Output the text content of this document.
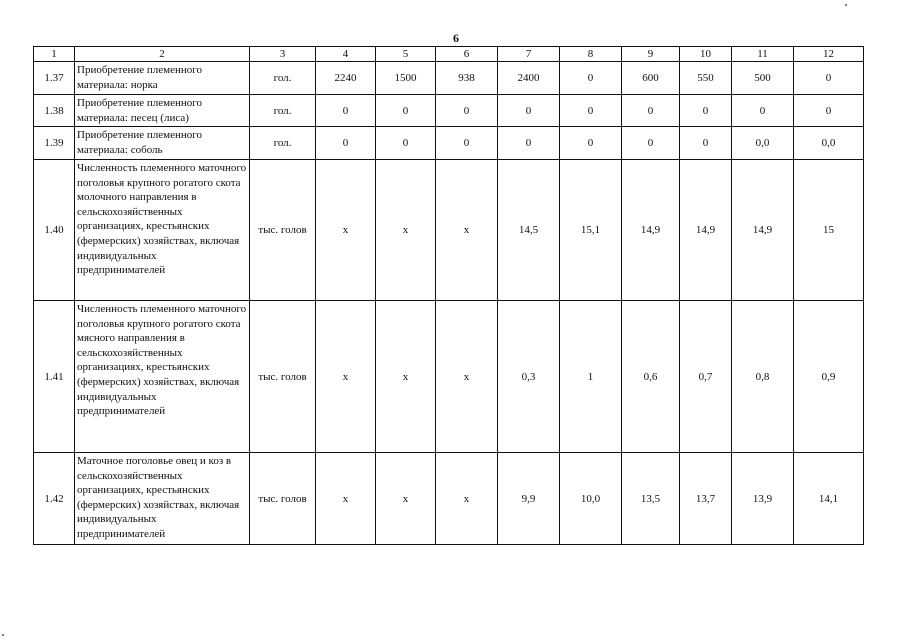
6
1	2	3	4	5	6	7	8	9	10	11	12
1.37	Приобретение племенного материала: норка	гол.	2240	1500	938	2400	0	600	550	500	0
1.38	Приобретение племенного материала: песец (лиса)	гол.	0	0	0	0	0	0	0	0	0
1.39	Приобретение племенного материала: соболь	гол.	0	0	0	0	0	0	0	0,0	0,0
1.40	Численность племенного маточного поголовья крупного рогатого скота молочного направления в сельскохозяйственных организациях, крестьянских (фермерских) хозяйствах, включая индивидуальных предпринимателей	тыс. голов	x	x	x	14,5	15,1	14,9	14,9	14,9	15
1.41	Численность племенного маточного поголовья крупного рогатого скота мясного направления в сельскохозяйственных организациях, крестьянских (фермерских) хозяйствах, включая индивидуальных предпринимателей	тыс. голов	x	x	x	0,3	1	0,6	0,7	0,8	0,9
1.42	Маточное поголовье овец и коз в сельскохозяйственных организациях, крестьянских (фермерских) хозяйствах, включая индивидуальных предпринимателей	тыс. голов	x	x	x	9,9	10,0	13,5	13,7	13,9	14,1
